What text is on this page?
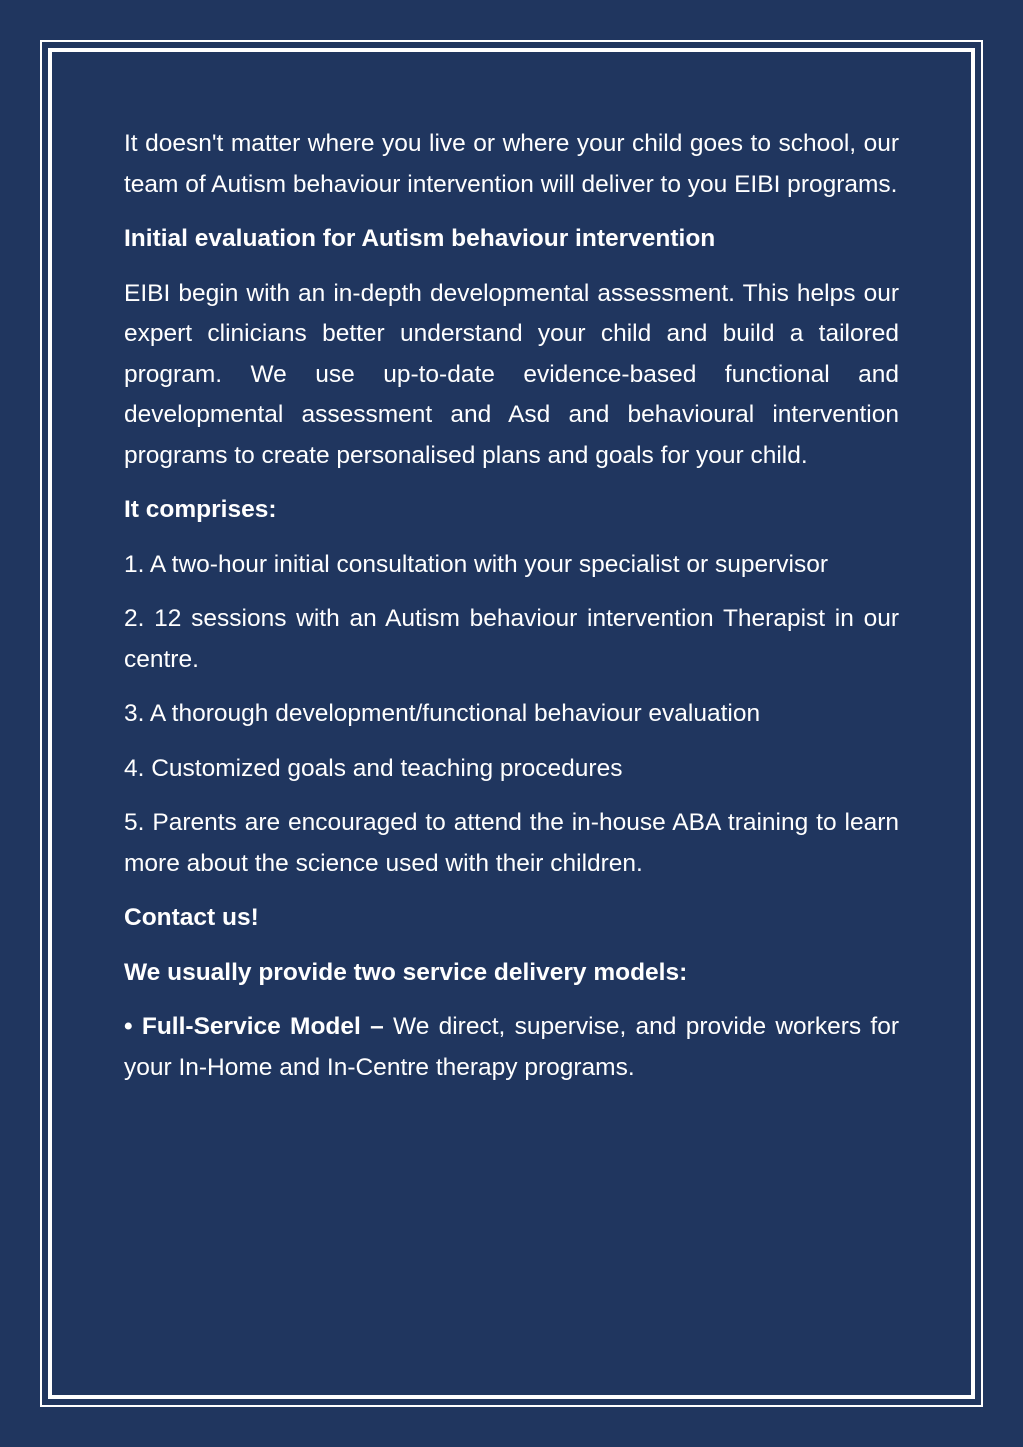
It doesn't matter where you live or where your child goes to school, our team of Autism behaviour intervention will deliver to you EIBI programs.

Initial evaluation for Autism behaviour intervention

EIBI begin with an in-depth developmental assessment. This helps our expert clinicians better understand your child and build a tailored program. We use up-to-date evidence-based functional and developmental assessment and Asd and behavioural intervention programs to create personalised plans and goals for your child.

It comprises:

1. A two-hour initial consultation with your specialist or supervisor

2. 12 sessions with an Autism behaviour intervention Therapist in our centre.

3. A thorough development/functional behaviour evaluation

4. Customized goals and teaching procedures

5. Parents are encouraged to attend the in-house ABA training to learn more about the science used with their children.

Contact us!

We usually provide two service delivery models:

• Full-Service Model – We direct, supervise, and provide workers for your In-Home and In-Centre therapy programs.
